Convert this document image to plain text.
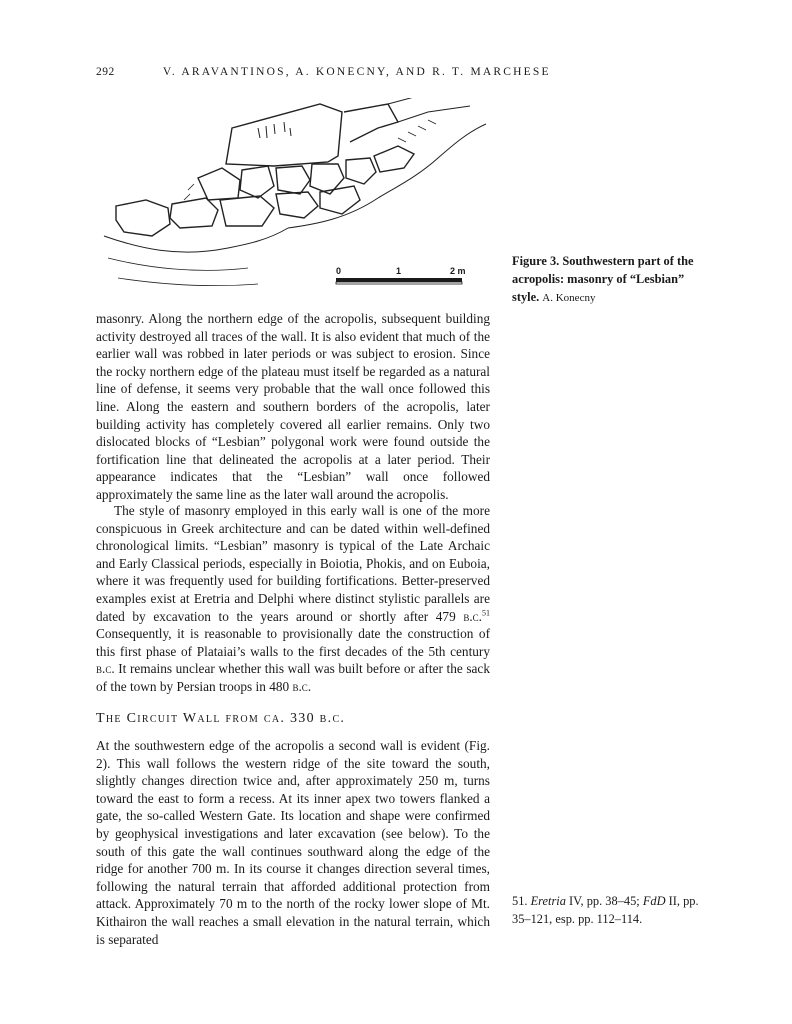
292	V. ARAVANTINOS, A. KONECNY, AND R. T. MARCHESE
0	1	2 m
Figure 3. Southwestern part of the acropolis: masonry of “Lesbian” style. A. Konecny

masonry. Along the northern edge of the acropolis, subsequent building activity destroyed all traces of the wall. It is also evident that much of the earlier wall was robbed in later periods or was subject to erosion. Since the rocky northern edge of the plateau must itself be regarded as a natural line of defense, it seems very probable that the wall once followed this line. Along the eastern and southern borders of the acropolis, later building activity has completely covered all earlier remains. Only two dislocated blocks of “Lesbian” polygonal work were found outside the fortification line that delineated the acropolis at a later period. Their appearance indicates that the “Lesbian” wall once followed approximately the same line as the later wall around the acropolis.

The style of masonry employed in this early wall is one of the more conspicuous in Greek architecture and can be dated within well-defined chronological limits. “Lesbian” masonry is typical of the Late Archaic and Early Classical periods, especially in Boiotia, Phokis, and on Euboia, where it was frequently used for building fortifications. Better-preserved examples exist at Eretria and Delphi where distinct stylistic parallels are dated by excavation to the years around or shortly after 479 b.c.$^{51}$ Consequently, it is reasonable to provisionally date the construction of this first phase of Plataiai’s walls to the first decades of the 5th century b.c. It remains unclear whether this wall was built before or after the sack of the town by Persian troops in 480 b.c.

The Circuit Wall from ca. 330 b.c.

At the southwestern edge of the acropolis a second wall is evident (Fig. 2). This wall follows the western ridge of the site toward the south, slightly changes direction twice and, after approximately 250 m, turns toward the east to form a recess. At its inner apex two towers flanked a gate, the so-called Western Gate. Its location and shape were confirmed by geophysical investigations and later excavation (see below). To the south of this gate the wall continues southward along the edge of the ridge for another 700 m. In its course it changes direction several times, following the natural terrain that afforded additional protection from attack. Approximately 70 m to the north of the rocky lower slope of Mt. Kithairon the wall reaches a small elevation in the natural terrain, which is separated

51. Eretria IV, pp. 38–45; FdD II, pp. 35–121, esp. pp. 112–114.
